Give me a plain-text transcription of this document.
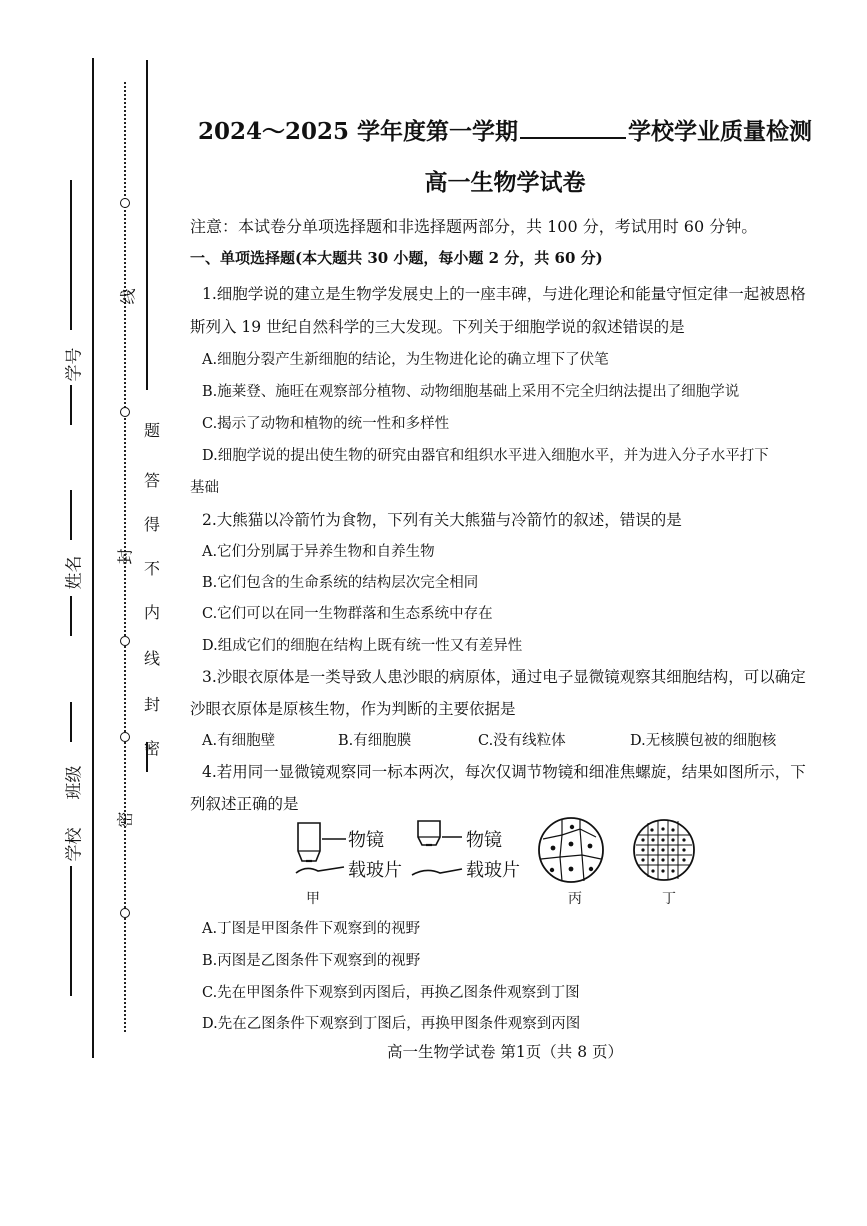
线
题
答
得
不
内
线
封
密
封
密
学号
姓名
班级
学校
2024～2025 学年度第一学期	学校学业质量检测
高一生物学试卷
注意：本试卷分单项选择题和非选择题两部分，共 100 分，考试用时 60 分钟。
一、单项选择题(本大题共 30 小题，每小题 2 分，共 60 分)
1.细胞学说的建立是生物学发展史上的一座丰碑，与进化理论和能量守恒定律一起被恩格
斯列入 19 世纪自然科学的三大发现。下列关于细胞学说的叙述错误的是
A.细胞分裂产生新细胞的结论，为生物进化论的确立埋下了伏笔
B.施莱登、施旺在观察部分植物、动物细胞基础上采用不完全归纳法提出了细胞学说
C.揭示了动物和植物的统一性和多样性
D.细胞学说的提出使生物的研究由器官和组织水平进入细胞水平，并为进入分子水平打下
基础
2.大熊猫以冷箭竹为食物，下列有关大熊猫与冷箭竹的叙述，错误的是
A.它们分别属于异养生物和自养生物
B.它们包含的生命系统的结构层次完全相同
C.它们可以在同一生物群落和生态系统中存在
D.组成它们的细胞在结构上既有统一性又有差异性
3.沙眼衣原体是一类导致人患沙眼的病原体，通过电子显微镜观察其细胞结构，可以确定
沙眼衣原体是原核生物，作为判断的主要依据是
A.有细胞壁	B.有细胞膜	C.没有线粒体	D.无核膜包被的细胞核
4.若用同一显微镜观察同一标本两次，每次仅调节物镜和细准焦螺旋，结果如图所示，下
列叙述正确的是
物镜
载玻片
物镜
载玻片
甲	丙	丁
A.丁图是甲图条件下观察到的视野
B.丙图是乙图条件下观察到的视野
C.先在甲图条件下观察到丙图后，再换乙图条件观察到丁图
D.先在乙图条件下观察到丁图后，再换甲图条件观察到丙图
高一生物学试卷 第1页（共 8 页）
